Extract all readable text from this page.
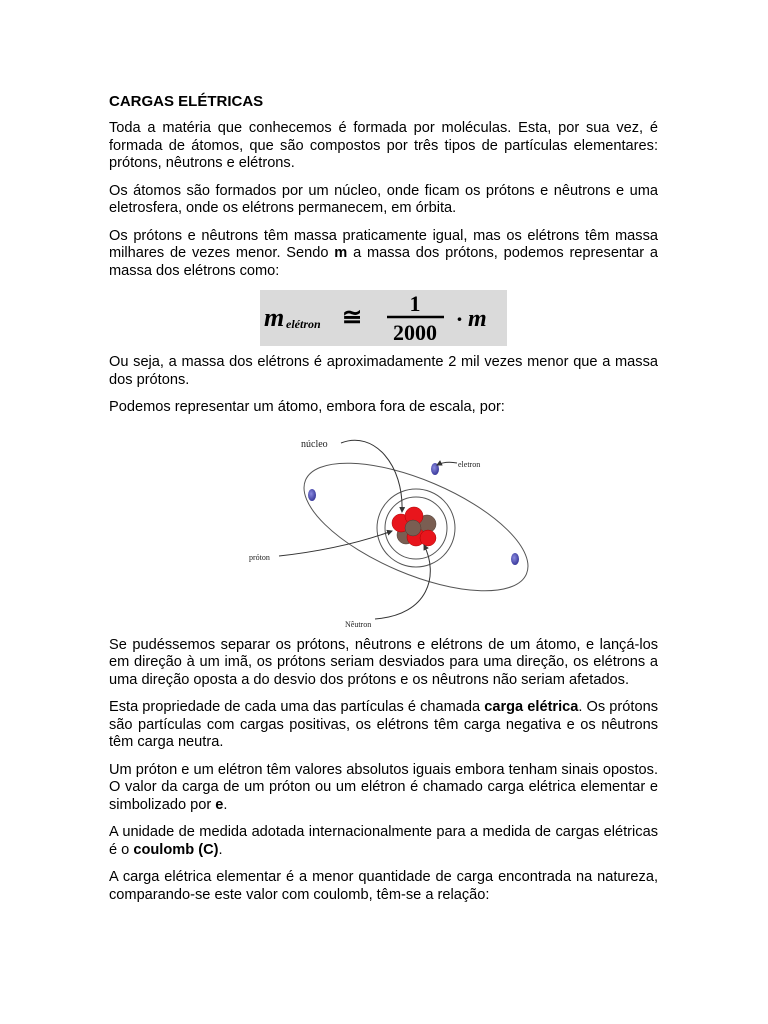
CARGAS ELÉTRICAS

Toda a matéria que conhecemos é formada por moléculas. Esta, por sua vez, é formada de átomos, que são compostos por três tipos de partículas elementares: prótons, nêutrons e elétrons.

Os átomos são formados por um núcleo, onde ficam os prótons e nêutrons e uma eletrosfera, onde os elétrons permanecem, em órbita.

Os prótons e nêutrons têm massa praticamente igual, mas os elétrons têm massa milhares de vezes menor. Sendo m a massa dos prótons, podemos representar a massa dos elétrons como:

m elétron ≅ 1
2000
· m

Ou seja, a massa dos elétrons é aproximadamente 2 mil vezes menor que a massa dos prótons.

Podemos representar um átomo, embora fora de escala, por:

núcleo
eletron
próton
Nêutron

Se pudéssemos separar os prótons, nêutrons e elétrons de um átomo, e lançá-los em direção à um imã, os prótons seriam desviados para uma direção, os elétrons a uma direção oposta a do desvio dos prótons e os nêutrons não seriam afetados.

Esta propriedade de cada uma das partículas é chamada carga elétrica. Os prótons são partículas com cargas positivas, os elétrons têm carga negativa e os nêutrons têm carga neutra.

Um próton e um elétron têm valores absolutos iguais embora tenham sinais opostos. O valor da carga de um próton ou um elétron é chamado carga elétrica elementar e simbolizado por e.

A unidade de medida adotada internacionalmente para a medida de cargas elétricas é o coulomb (C).

A carga elétrica elementar é a menor quantidade de carga encontrada na natureza, comparando-se este valor com coulomb, têm-se a relação:
